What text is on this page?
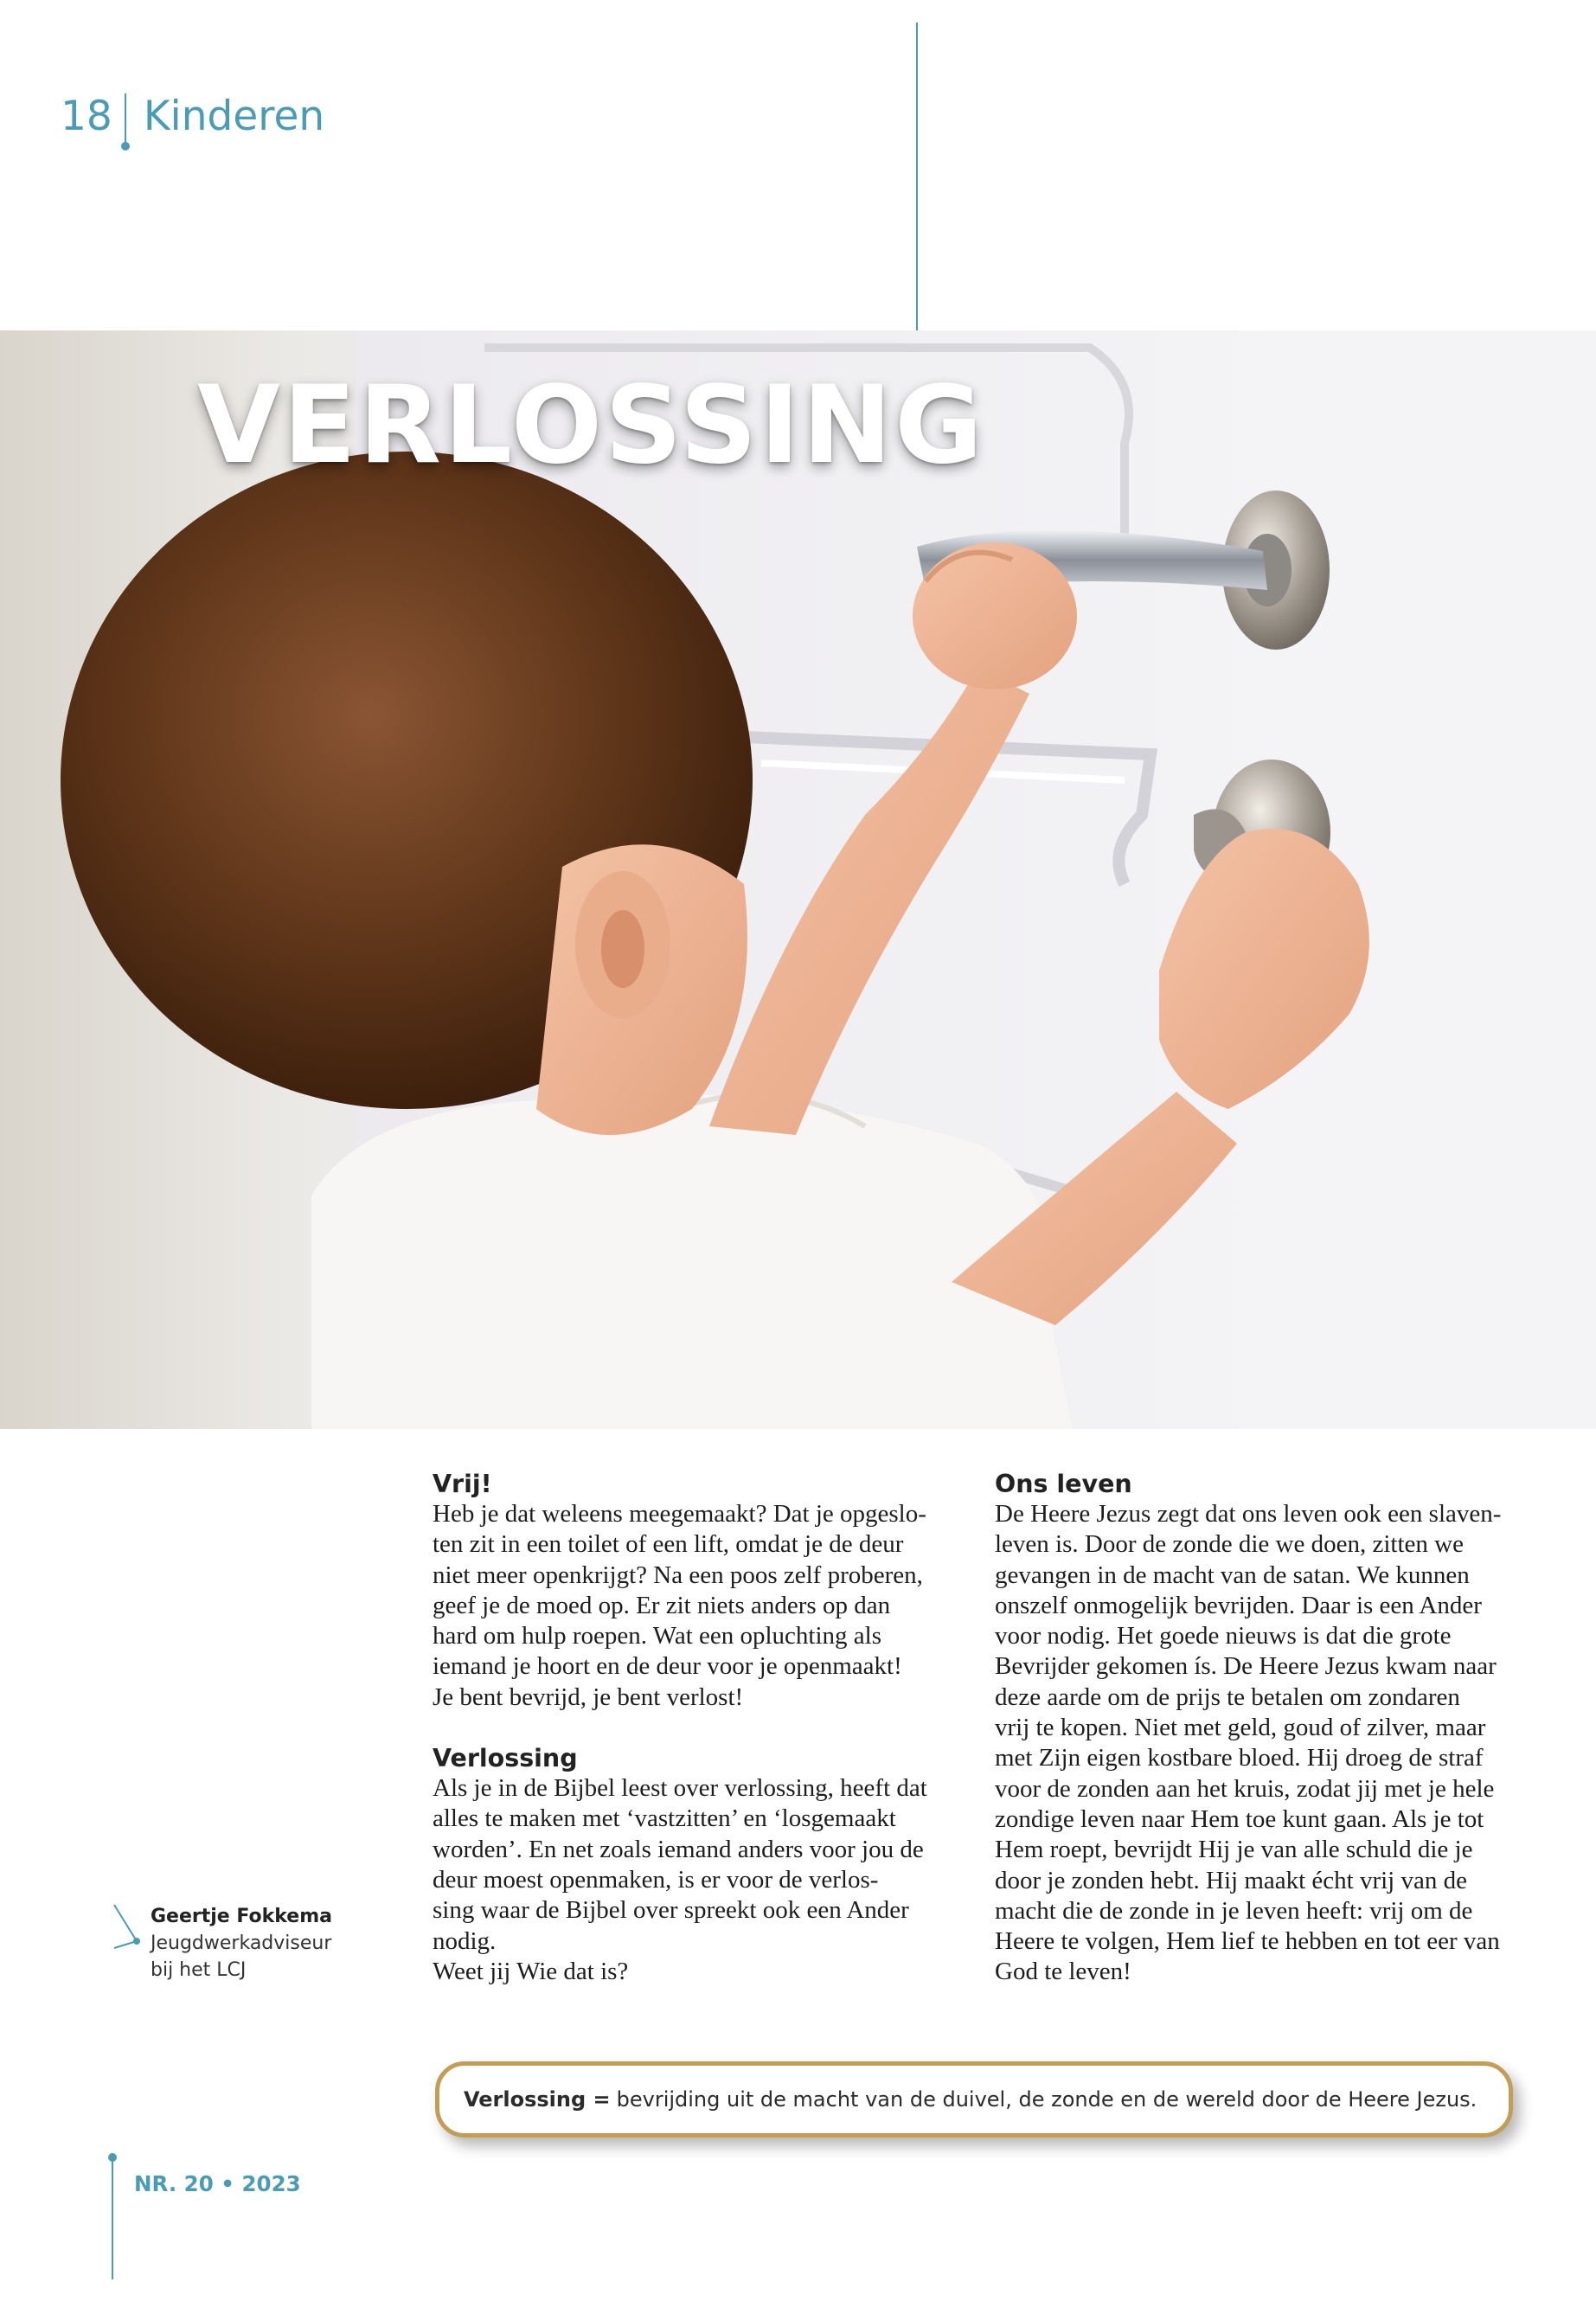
18 Kinderen
VERLOSSING
Vrij!

Heb je dat weleens meegemaakt? Dat je opgeslo-

ten zit in een toilet of een lift, omdat je de deur

niet meer openkrijgt? Na een poos zelf proberen,

geef je de moed op. Er zit niets anders op dan

hard om hulp roepen. Wat een opluchting als

iemand je hoort en de deur voor je openmaakt!

Je bent bevrijd, je bent verlost!

Verlossing

Als je in de Bijbel leest over verlossing, heeft dat

alles te maken met ‘vastzitten’ en ‘losgemaakt

worden’. En net zoals iemand anders voor jou de

deur moest openmaken, is er voor de verlos-

sing waar de Bijbel over spreekt ook een Ander

nodig.

Weet jij Wie dat is?

Ons leven

De Heere Jezus zegt dat ons leven ook een slaven-

leven is. Door de zonde die we doen, zitten we

gevangen in de macht van de satan. We kunnen

onszelf onmogelijk bevrijden. Daar is een Ander

voor nodig. Het goede nieuws is dat die grote

Bevrijder gekomen ís. De Heere Jezus kwam naar

deze aarde om de prijs te betalen om zondaren

vrij te kopen. Niet met geld, goud of zilver, maar

met Zijn eigen kostbare bloed. Hij droeg de straf

voor de zonden aan het kruis, zodat jij met je hele

zondige leven naar Hem toe kunt gaan. Als je tot

Hem roept, bevrijdt Hij je van alle schuld die je

door je zonden hebt. Hij maakt écht vrij van de

macht die de zonde in je leven heeft: vrij om de

Heere te volgen, Hem lief te hebben en tot eer van

God te leven!

Geertje Fokkema
Jeugdwerkadviseur
bij het LCJ
Verlossing = bevrijding uit de macht van de duivel, de zonde en de wereld door de Heere Jezus.
NR. 20 • 2023
